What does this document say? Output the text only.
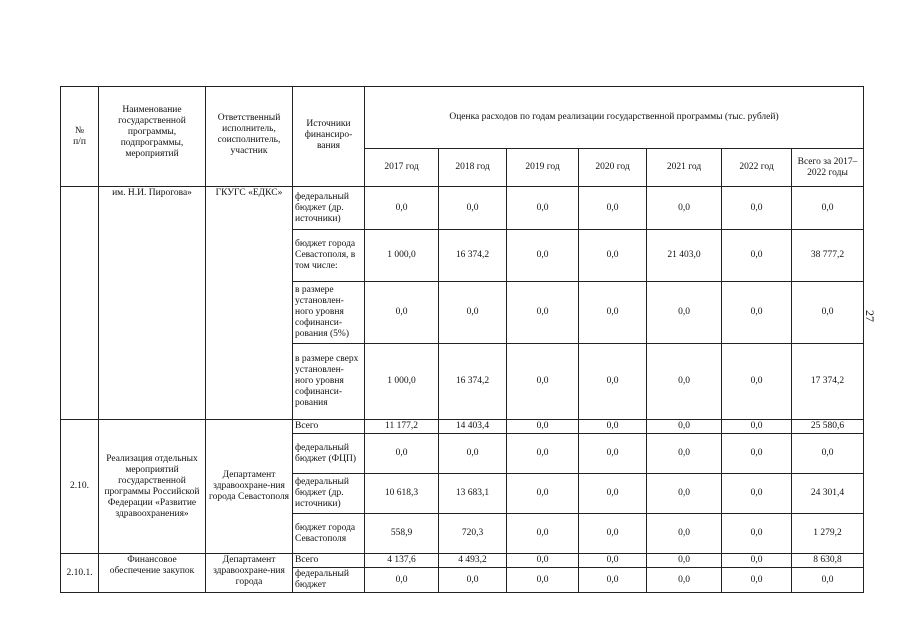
27
№
п/п	Наименование государственной программы, подпрограммы, мероприятий	Ответственный исполнитель, соисполнитель, участник	Источники финансиро-вания	Оценка расходов по годам реализации государственной программы (тыс. рублей)						
				2017 год	2018 год	2019 год	2020 год	2021 год	2022 год	Всего за 2017–2022 годы
	им. Н.И. Пирогова»	ГКУГС «ЕДКС»	федеральный бюджет (др. источники)	0,0	0,0	0,0	0,0	0,0	0,0	0,0
			бюджет города Севастополя, в том числе:	1 000,0	16 374,2	0,0	0,0	21 403,0	0,0	38 777,2
			в размере установлен-ного уровня софинанси-рования (5%)	0,0	0,0	0,0	0,0	0,0	0,0	0,0
			в размере сверх установлен-ного уровня софинанси-рования	1 000,0	16 374,2	0,0	0,0	0,0	0,0	17 374,2
2.10.	Реализация отдельных мероприятий государственной программы Российской Федерации «Развитие здравоохранения»	Департамент здравоохране-ния города Севастополя	Всего	11 177,2	14 403,4	0,0	0,0	0,0	0,0	25 580,6
			федеральный бюджет (ФЦП)	0,0	0,0	0,0	0,0	0,0	0,0	0,0
			федеральный бюджет (др. источники)	10 618,3	13 683,1	0,0	0,0	0,0	0,0	24 301,4
			бюджет города Севастополя	558,9	720,3	0,0	0,0	0,0	0,0	1 279,2
2.10.1.	Финансовое обеспечение закупок	Департамент здравоохране-ния города	Всего	4 137,6	4 493,2	0,0	0,0	0,0	0,0	8 630,8
			федеральный бюджет	0,0	0,0	0,0	0,0	0,0	0,0	0,0
